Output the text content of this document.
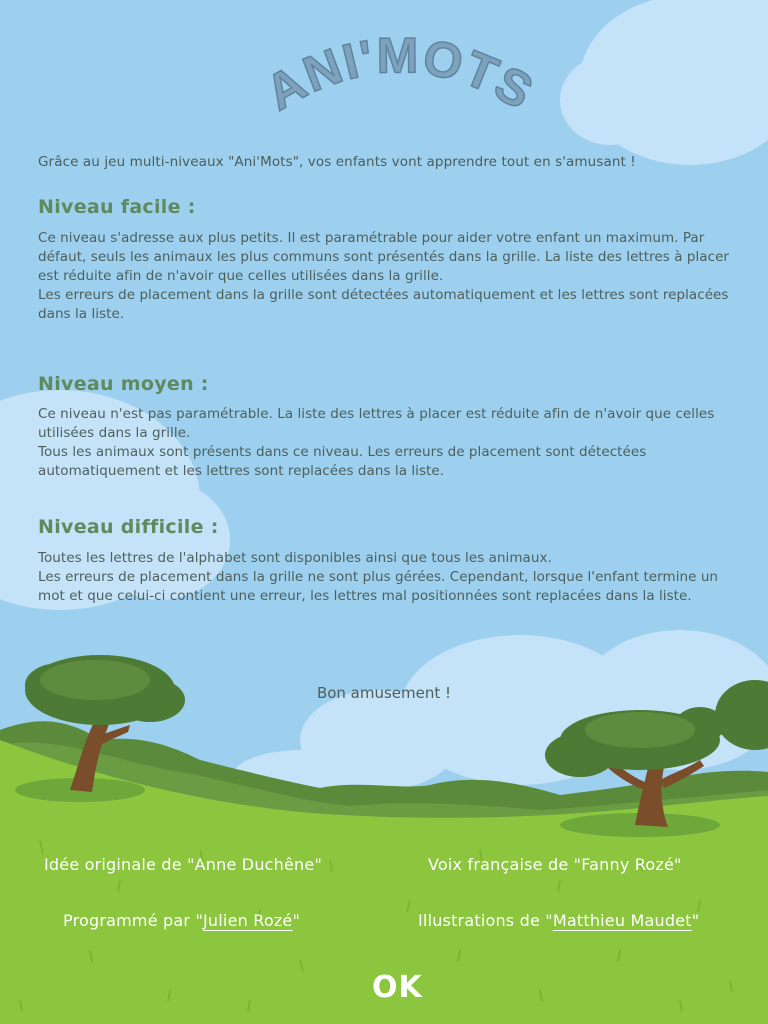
ANI'MOTS
Grâce au jeu multi-niveaux "Ani'Mots", vos enfants vont apprendre tout en s'amusant !
Niveau facile :
Ce niveau s'adresse aux plus petits. Il est paramétrable pour aider votre enfant un maximum. Par défaut, seuls les animaux les plus communs sont présentés dans la grille. La liste des lettres à placer est réduite afin de n'avoir que celles utilisées dans la grille.
Les erreurs de placement dans la grille sont détectées automatiquement et les lettres sont replacées dans la liste.
Niveau moyen :
Ce niveau n'est pas paramétrable. La liste des lettres à placer est réduite afin de n'avoir que celles utilisées dans la grille.
Tous les animaux sont présents dans ce niveau. Les erreurs de placement sont détectées automatiquement et les lettres sont replacées dans la liste.
Niveau difficile :
Toutes les lettres de l'alphabet sont disponibles ainsi que tous les animaux.
Les erreurs de placement dans la grille ne sont plus gérées. Cependant, lorsque l'enfant termine un mot et que celui-ci contient une erreur, les lettres mal positionnées sont replacées dans la liste.
Bon amusement !
Idée originale de "Anne Duchêne"	Voix française de "Fanny Rozé"
Programmé par "Julien Rozé"	Illustrations de "Matthieu Maudet"
OK
